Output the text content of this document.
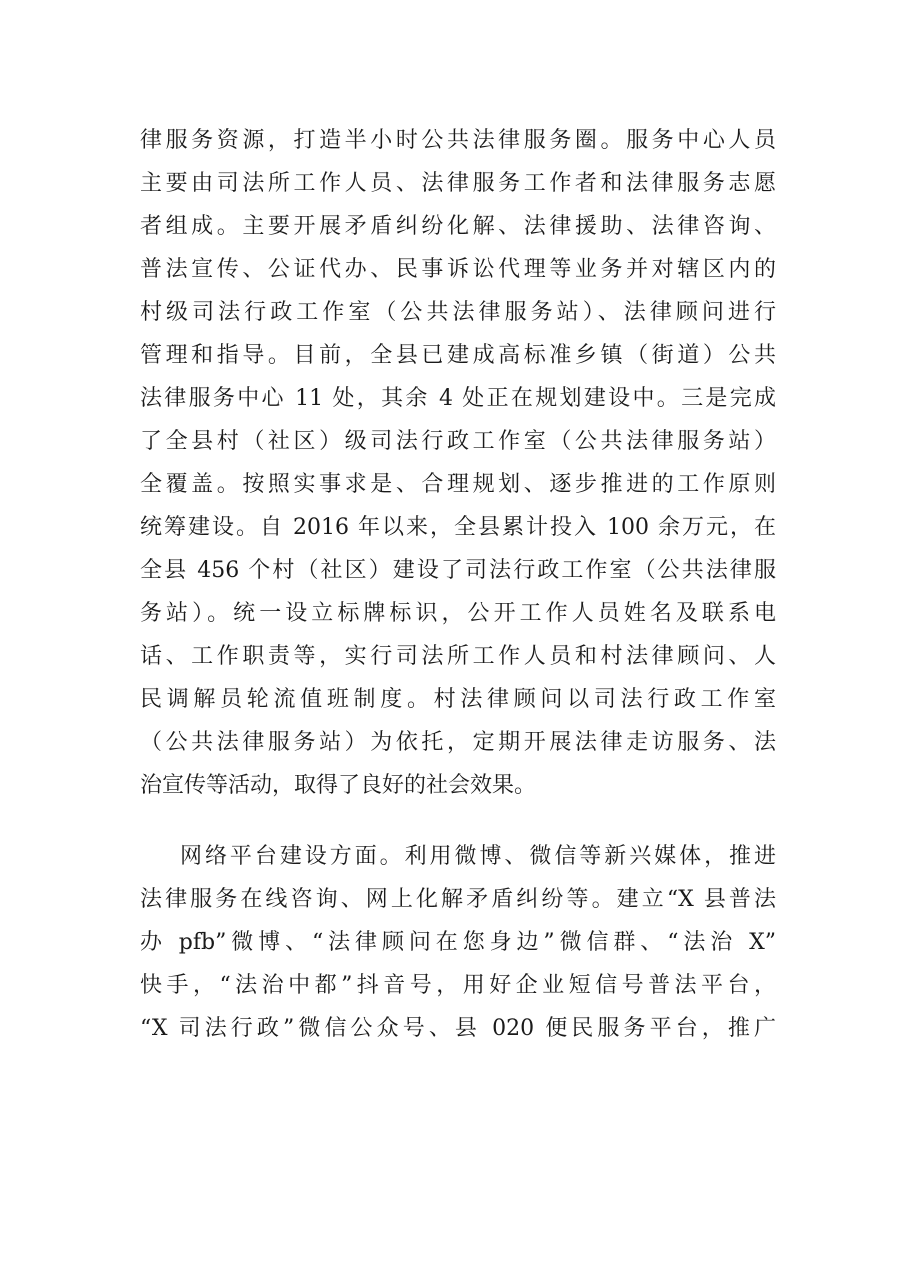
律服务资源，打造半小时公共法律服务圈。服务中心人员
主要由司法所工作人员、法律服务工作者和法律服务志愿
者组成。主要开展矛盾纠纷化解、法律援助、法律咨询、
普法宣传、公证代办、民事诉讼代理等业务并对辖区内的
村级司法行政工作室（公共法律服务站）、法律顾问进行
管理和指导。目前，全县已建成高标准乡镇（街道）公共
法律服务中心 11 处，其余 4 处正在规划建设中。三是完成
了全县村（社区）级司法行政工作室（公共法律服务站）
全覆盖。按照实事求是、合理规划、逐步推进的工作原则
统筹建设。自 2016 年以来，全县累计投入 100 余万元，在
全县 456 个村（社区）建设了司法行政工作室（公共法律服
务站）。统一设立标牌标识，公开工作人员姓名及联系电
话、工作职责等，实行司法所工作人员和村法律顾问、人
民调解员轮流值班制度。村法律顾问以司法行政工作室
（公共法律服务站）为依托，定期开展法律走访服务、法
治宣传等活动，取得了良好的社会效果。
网络平台建设方面。利用微博、微信等新兴媒体，推进
法律服务在线咨询、网上化解矛盾纠纷等。建立“X 县普法
办 pfb”微博、“法律顾问在您身边”微信群、“法治 X”
快手，“法治中都”抖音号，用好企业短信号普法平台，
“X 司法行政”微信公众号、县 020 便民服务平台，推广
